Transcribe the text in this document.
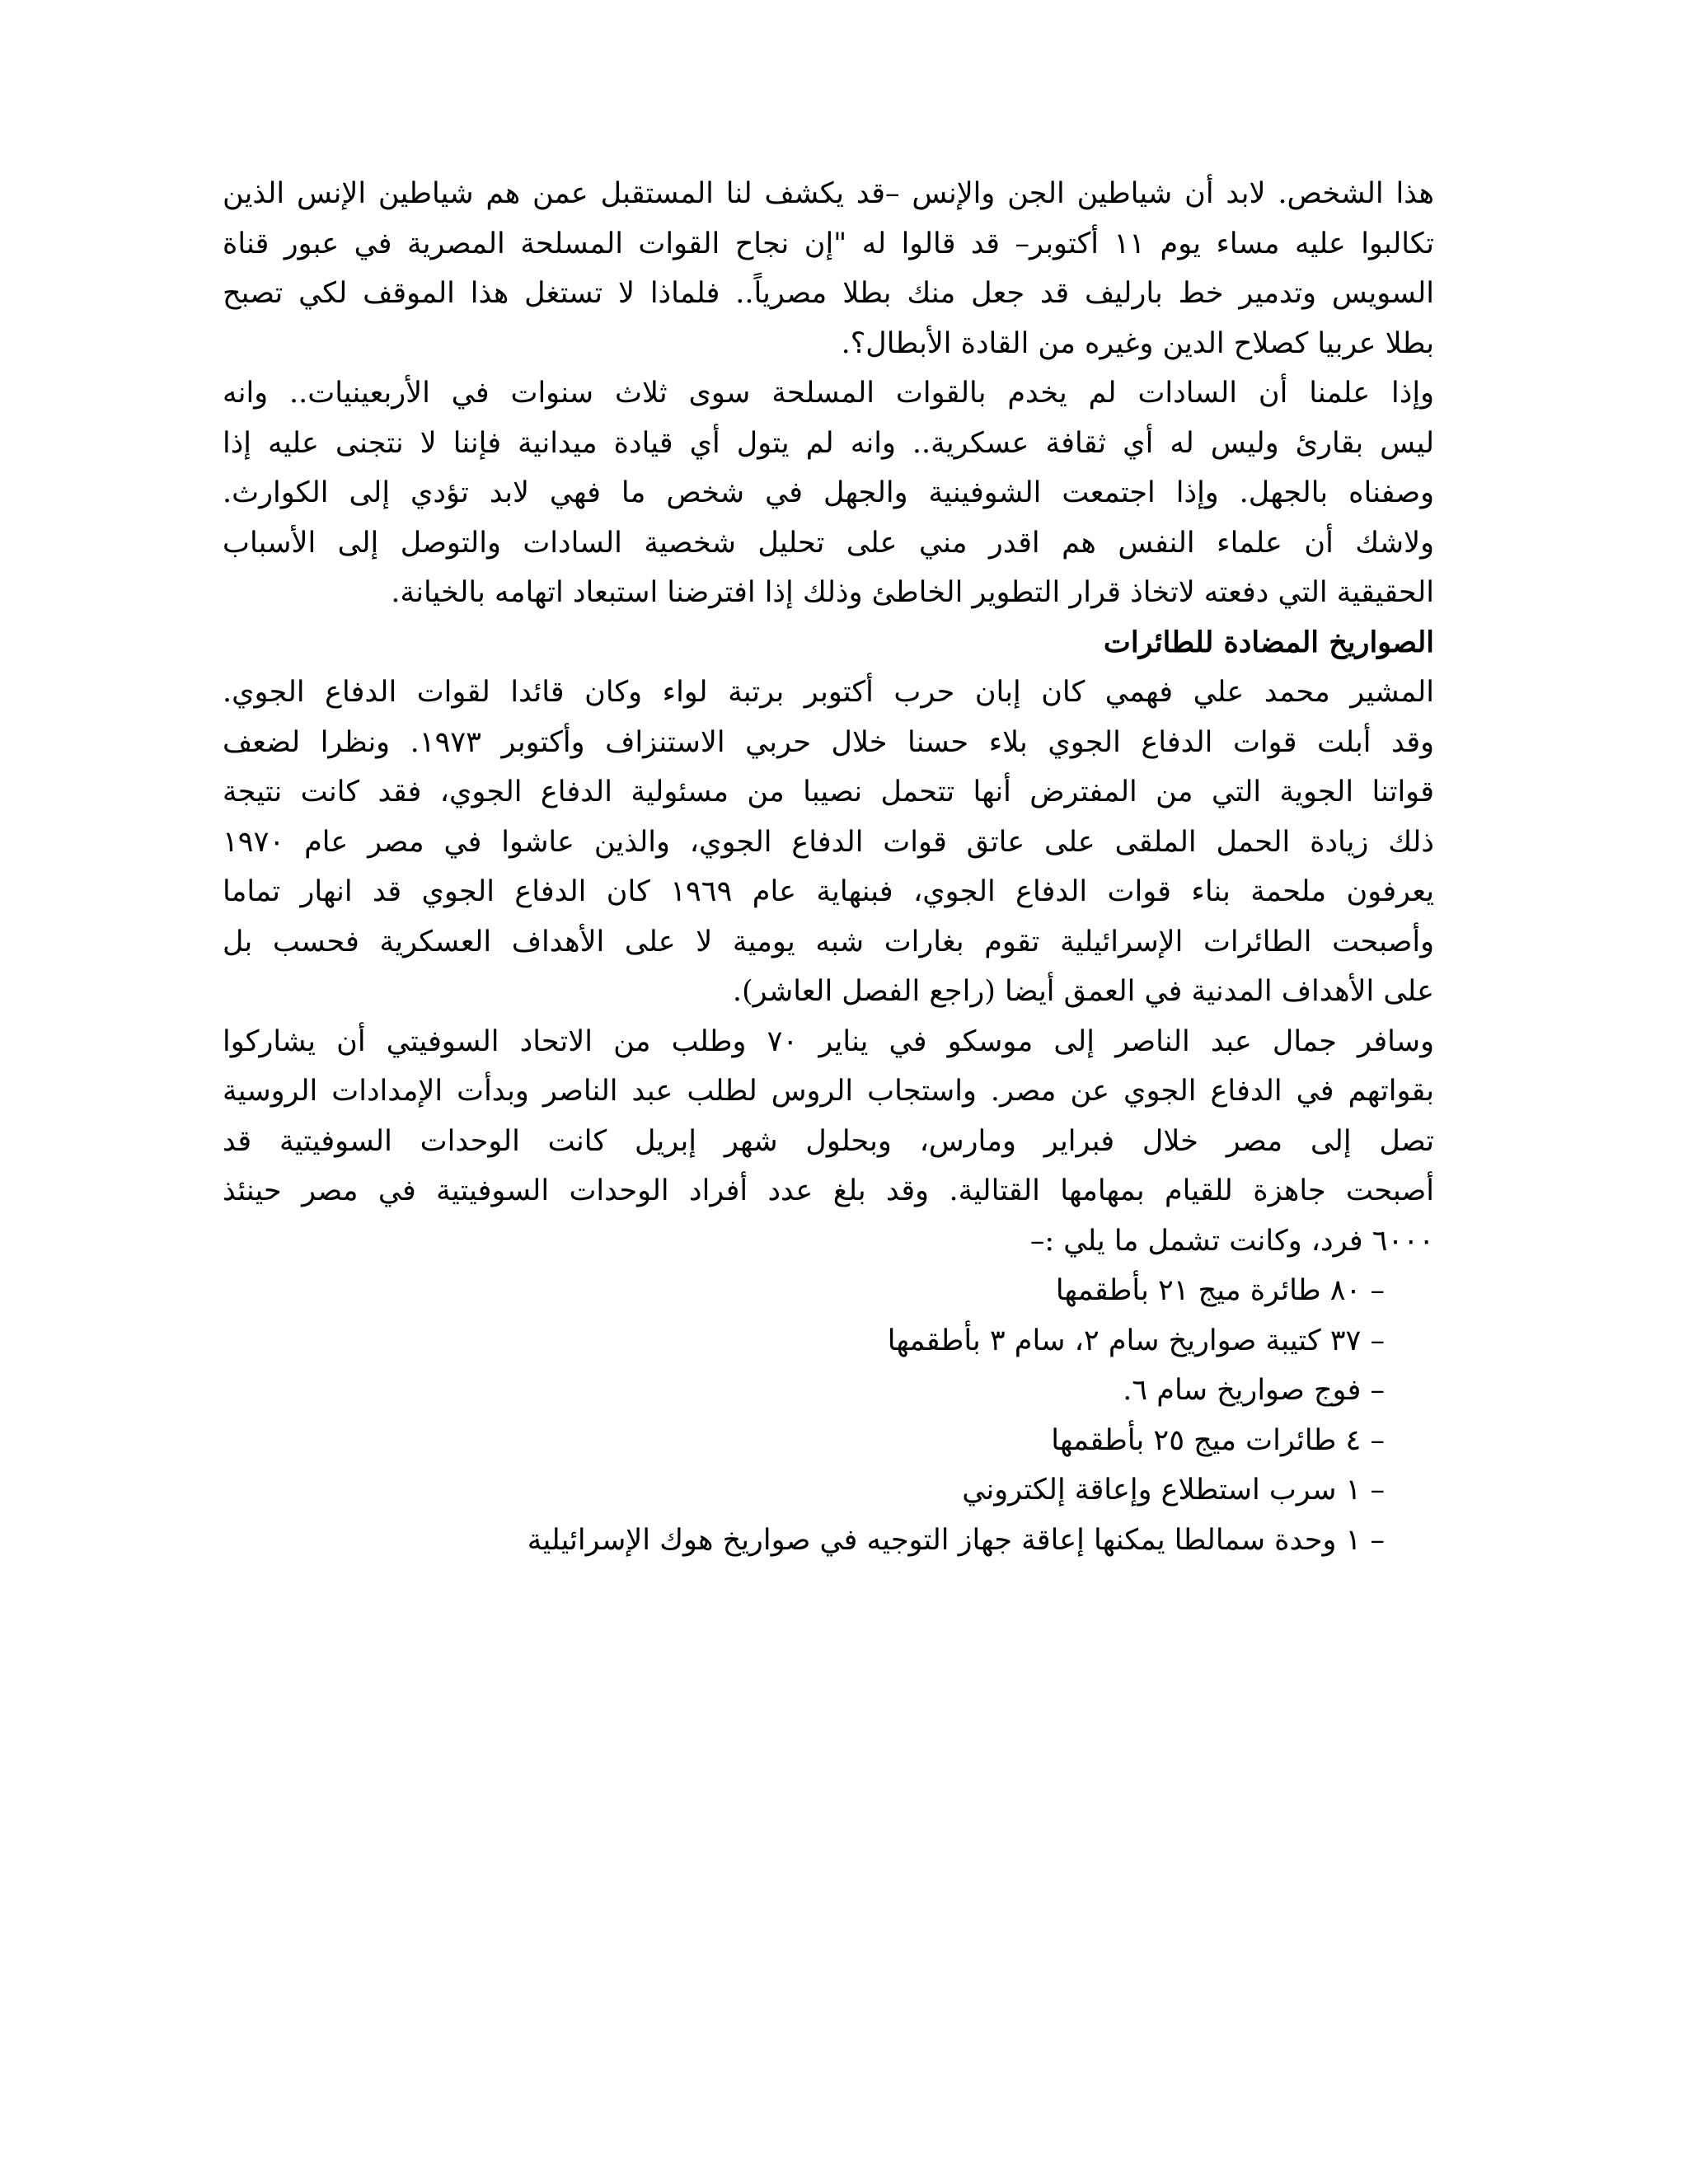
هذا الشخص. لابد أن شياطين الجن والإنس –قد يكشف لنا المستقبل عمن هم شياطين الإنس الذين
تكالبوا عليه مساء يوم ١١ أكتوبر– قد قالوا له "إن نجاح القوات المسلحة المصرية في عبور قناة
السويس وتدمير خط بارليف قد جعل منك بطلا مصرياً.. فلماذا لا تستغل هذا الموقف لكي تصبح
بطلا عربيا كصلاح الدين وغيره من القادة الأبطال؟.
وإذا علمنا أن السادات لم يخدم بالقوات المسلحة سوى ثلاث سنوات في الأربعينيات.. وانه
ليس بقارئ وليس له أي ثقافة عسكرية.. وانه لم يتول أي قيادة ميدانية فإننا لا نتجنى عليه إذا
وصفناه بالجهل. وإذا اجتمعت الشوفينية والجهل في شخص ما فهي لابد تؤدي إلى الكوارث.
ولاشك أن علماء النفس هم اقدر مني على تحليل شخصية السادات والتوصل إلى الأسباب
الحقيقية التي دفعته لاتخاذ قرار التطوير الخاطئ وذلك إذا افترضنا استبعاد اتهامه بالخيانة.
الصواريخ المضادة للطائرات
المشير محمد علي فهمي كان إبان حرب أكتوبر برتبة لواء وكان قائدا لقوات الدفاع الجوي.
وقد أبلت قوات الدفاع الجوي بلاء حسنا خلال حربي الاستنزاف وأكتوبر ١٩٧٣. ونظرا لضعف
قواتنا الجوية التي من المفترض أنها تتحمل نصيبا من مسئولية الدفاع الجوي، فقد كانت نتيجة
ذلك زيادة الحمل الملقى على عاتق قوات الدفاع الجوي، والذين عاشوا في مصر عام ١٩٧٠
يعرفون ملحمة بناء قوات الدفاع الجوي، فبنهاية عام ١٩٦٩ كان الدفاع الجوي قد انهار تماما
وأصبحت الطائرات الإسرائيلية تقوم بغارات شبه يومية لا على الأهداف العسكرية فحسب بل
على الأهداف المدنية في العمق أيضا (راجع الفصل العاشر).
وسافر جمال عبد الناصر إلى موسكو في يناير ٧٠ وطلب من الاتحاد السوفيتي أن يشاركوا
بقواتهم في الدفاع الجوي عن مصر. واستجاب الروس لطلب عبد الناصر وبدأت الإمدادات الروسية
تصل إلى مصر خلال فبراير ومارس، وبحلول شهر إبريل كانت الوحدات السوفيتية قد
أصبحت جاهزة للقيام بمهامها القتالية. وقد بلغ عدد أفراد الوحدات السوفيتية في مصر حينئذ
٦٠٠٠ فرد، وكانت تشمل ما يلي :–
– ٨٠ طائرة ميج ٢١ بأطقمها
– ٣٧ كتيبة صواريخ سام ٢، سام ٣ بأطقمها
– فوج صواريخ سام ٦.
– ٤ طائرات ميج ٢٥ بأطقمها
– ١ سرب استطلاع وإعاقة إلكتروني
– ١ وحدة سمالطا يمكنها إعاقة جهاز التوجيه في صواريخ هوك الإسرائيلية
